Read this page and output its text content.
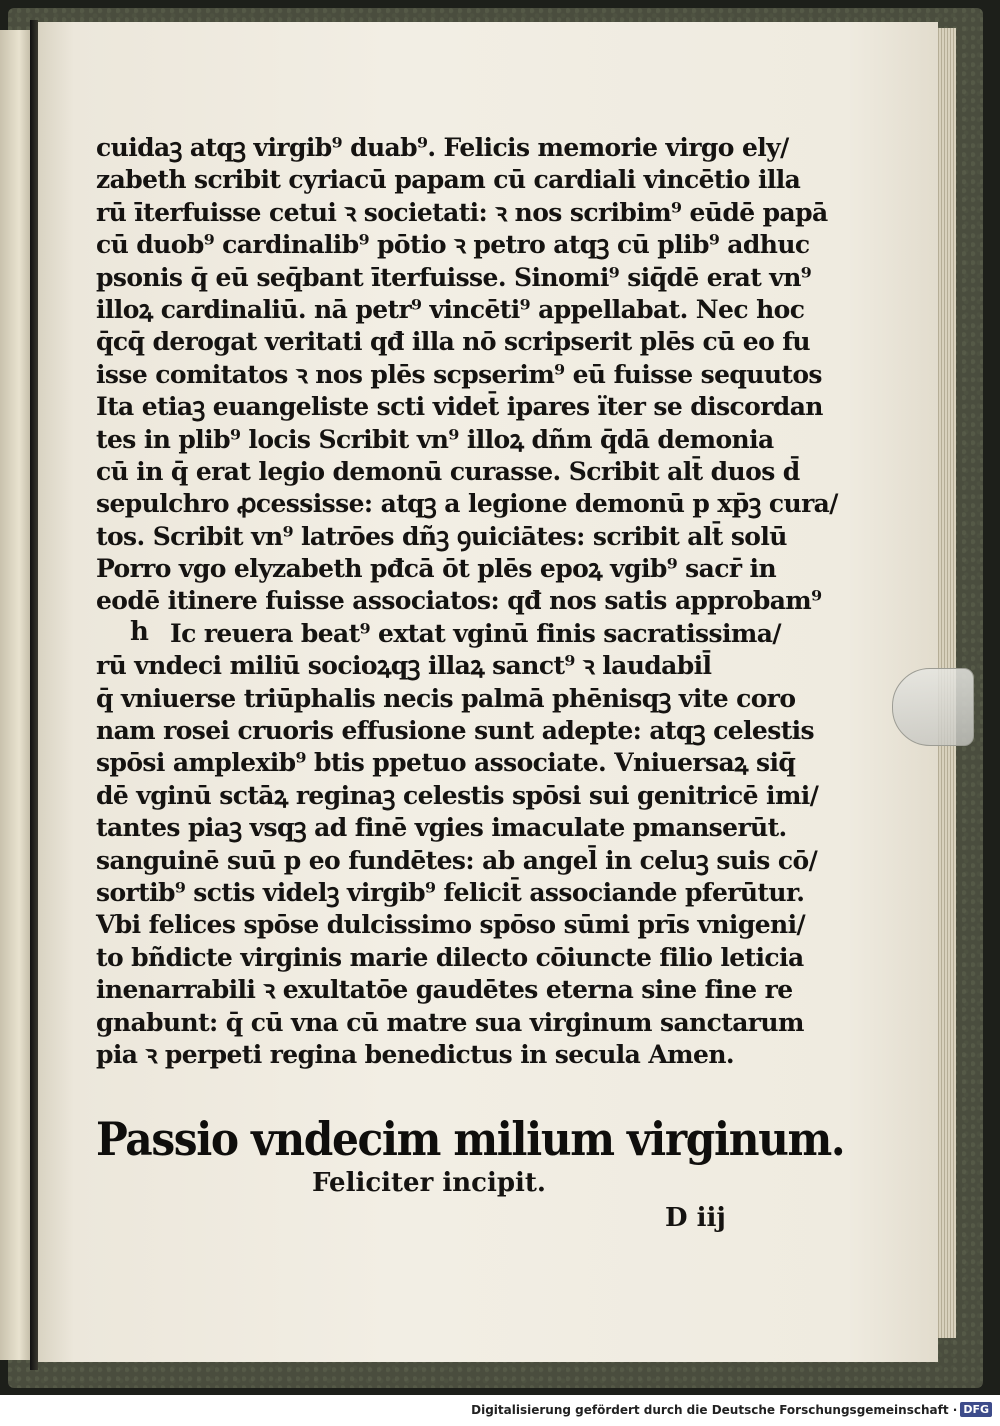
cuidaꝫ atqꝫ virgib⁹ duab⁹. Felicis memorie virgo ely/
zabeth scribit cyriacū papam cū cardiali vincētio illa
rū īterfuisse cetui ꝛ societati: ꝛ nos scribim⁹ eūdē papā
cū duob⁹ cardinalib⁹ pōtio ꝛ petro atqꝫ cū plib⁹ adhuc
psonis q̄ eū seq̄bant īterfuisse. Sinomi⁹ siq̄dē erat vn⁹
illoꝝ cardinaliū. nā petr⁹ vincēti⁹ appellabat. Nec hoc
q̄cq̄ derogat veritati qđ illa nō scripserit plēs cū eo fu
isse comitatos ꝛ nos plēs scpserim⁹ eū fuisse sequutos
Ita etiaꝫ euangeliste scti videt̄ ipares ïter se discordan
tes in plib⁹ locis Scribit vn⁹ illoꝝ dñm q̄dā demonia
cū in q̄ erat legio demonū curasse. Scribit alt̄ duos d̄
sepulchro ꝓcessisse: atqꝫ a legione demonū p xp̄ꝫ cura/
tos. Scribit vn⁹ latrōes dñꝫ ꝯuiciātes: scribit alt̄ solū
Porro vgo elyzabeth pđcā ōt plēs epoꝝ vgib⁹ sacr̄ in
eodē itinere fuisse associatos: qđ nos satis approbam⁹
Ic reuera beat⁹ extat vginū finis sacratissima/
rū vndeci miliū socioꝝqꝫ illaꝝ sanct⁹ ꝛ laudabil̄
q̄ vniuerse triūphalis necis palmā phēnisqꝫ vite coro
nam rosei cruoris effusione sunt adepte: atqꝫ celestis
spōsi amplexib⁹ btis ppetuo associate. Vniuersaꝝ siq̄
dē vginū sctāꝝ reginaꝫ celestis spōsi sui genitricē imi/
tantes piaꝫ vsqꝫ ad finē vgies imaculate pmanserūt.
sanguinē suū p eo fundētes: ab angel̄ in celuꝫ suis cō/
sortib⁹ sctis videlꝫ virgib⁹ felicit̄ associande pferūtur.
Vbi felices spōse dulcissimo spōso sūmi prīs vnigeni/
to bñdicte virginis marie dilecto cōiuncte filio leticia
inenarrabili ꝛ exultatōe gaudētes eterna sine fine re
gnabunt: q̄ cū vna cū matre sua virginum sanctarum
pia ꝛ perpeti regina benedictus in secula Amen.
h
Passio vndecim milium virginum.
Feliciter incipit.
D iij
Digitalisierung gefördert durch die Deutsche Forschungsgemeinschaft · DFG
